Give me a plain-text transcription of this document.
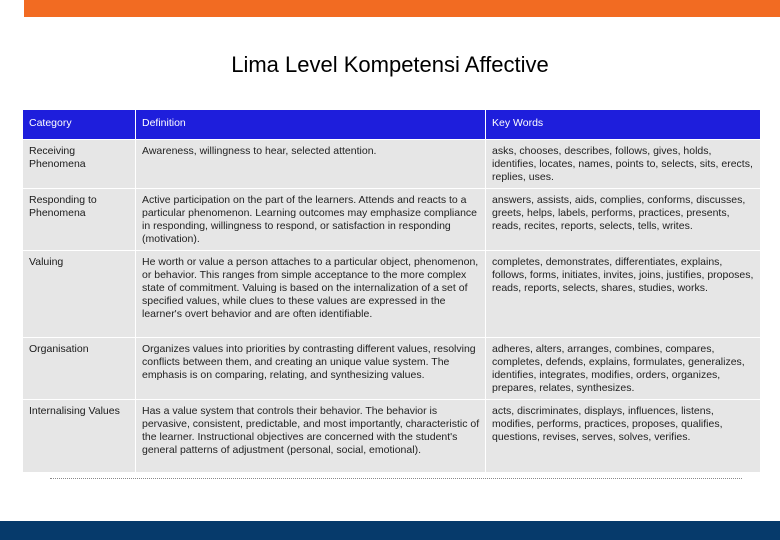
Lima Level Kompetensi Affective
Category	Definition	Key Words
Receiving Phenomena	Awareness, willingness to hear, selected attention.	asks, chooses, describes, follows, gives, holds, identifies, locates, names, points to, selects, sits, erects, replies, uses.
Responding to Phenomena	Active participation on the part of the learners. Attends and reacts to a particular phenomenon. Learning outcomes may emphasize compliance in responding, willingness to respond, or satisfaction in responding (motivation).	answers, assists, aids, complies, conforms, discusses, greets, helps, labels, performs, practices, presents, reads, recites, reports, selects, tells, writes.
Valuing	He worth or value a person attaches to a particular object, phenomenon, or behavior. This ranges from simple acceptance to the more complex state of commitment. Valuing is based on the internalization of a set of specified values, while clues to these values are expressed in the learner's overt behavior and are often identifiable.	completes, demonstrates, differentiates, explains, follows, forms, initiates, invites, joins, justifies, proposes, reads, reports, selects, shares, studies, works.
Organisation	Organizes values into priorities by contrasting different values, resolving conflicts between them, and creating an unique value system. The emphasis is on comparing, relating, and synthesizing values.	adheres, alters, arranges, combines, compares, completes, defends, explains, formulates, generalizes, identifies, integrates, modifies, orders, organizes, prepares, relates, synthesizes.
Internalising Values	Has a value system that controls their behavior. The behavior is pervasive, consistent, predictable, and most importantly, characteristic of the learner. Instructional objectives are concerned with the student's general patterns of adjustment (personal, social, emotional).	acts, discriminates, displays, influences, listens, modifies, performs, practices, proposes, qualifies, questions, revises, serves, solves, verifies.
